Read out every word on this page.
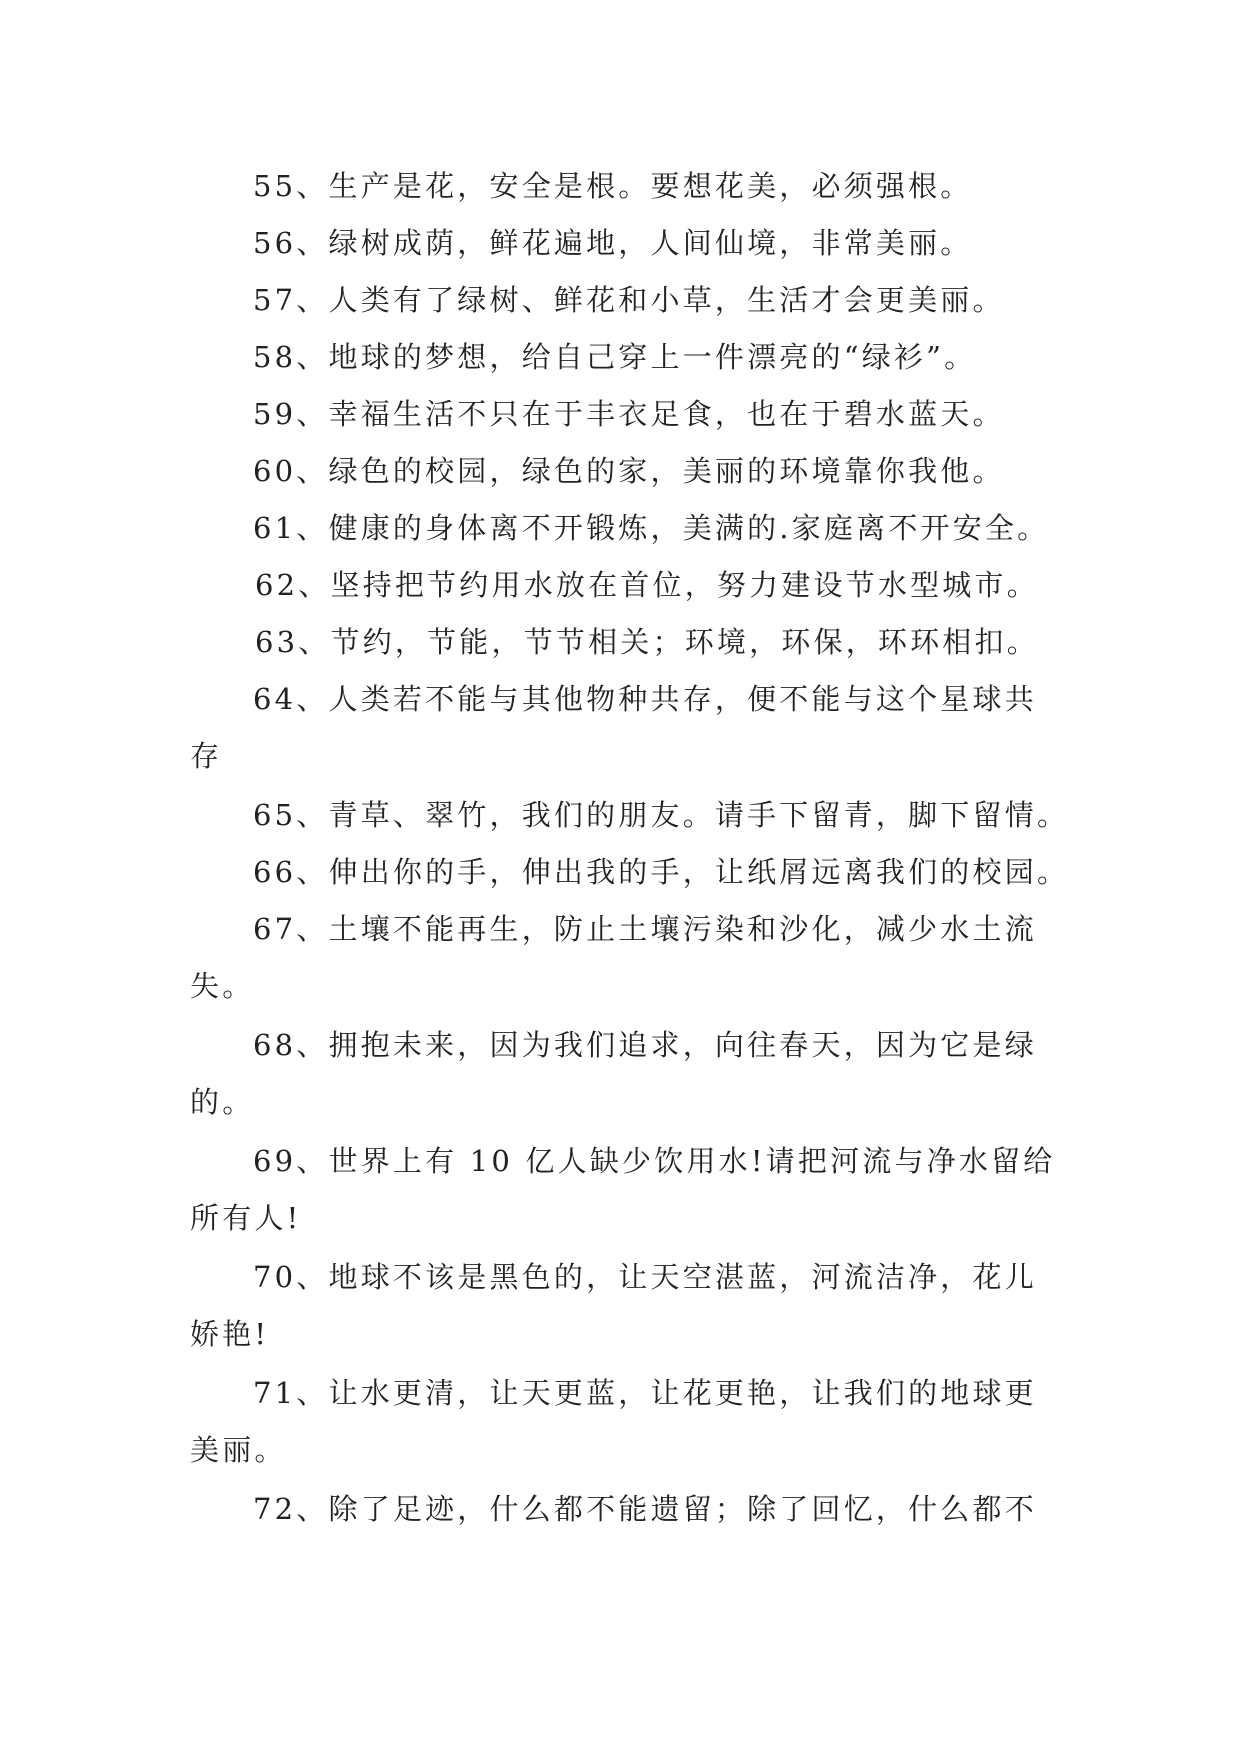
55、生产是花，安全是根。要想花美，必须强根。
56、绿树成荫，鲜花遍地，人间仙境，非常美丽。
57、人类有了绿树、鲜花和小草，生活才会更美丽。
58、地球的梦想，给自己穿上一件漂亮的“绿衫”。
59、幸福生活不只在于丰衣足食，也在于碧水蓝天。
60、绿色的校园，绿色的家，美丽的环境靠你我他。
61、健康的身体离不开锻炼，美满的.家庭离不开安全。
62、坚持把节约用水放在首位，努力建设节水型城市。
63、节约，节能，节节相关；环境，环保，环环相扣。
64、人类若不能与其他物种共存，便不能与这个星球共
存
65、青草、翠竹，我们的朋友。请手下留青，脚下留情。
66、伸出你的手，伸出我的手，让纸屑远离我们的校园。
67、土壤不能再生，防止土壤污染和沙化，减少水土流
失。
68、拥抱未来，因为我们追求，向往春天，因为它是绿
的。
69、世界上有 10 亿人缺少饮用水!请把河流与净水留给
所有人!
70、地球不该是黑色的，让天空湛蓝，河流洁净，花儿
娇艳!
71、让水更清，让天更蓝，让花更艳，让我们的地球更
美丽。
72、除了足迹，什么都不能遗留；除了回忆，什么都不
